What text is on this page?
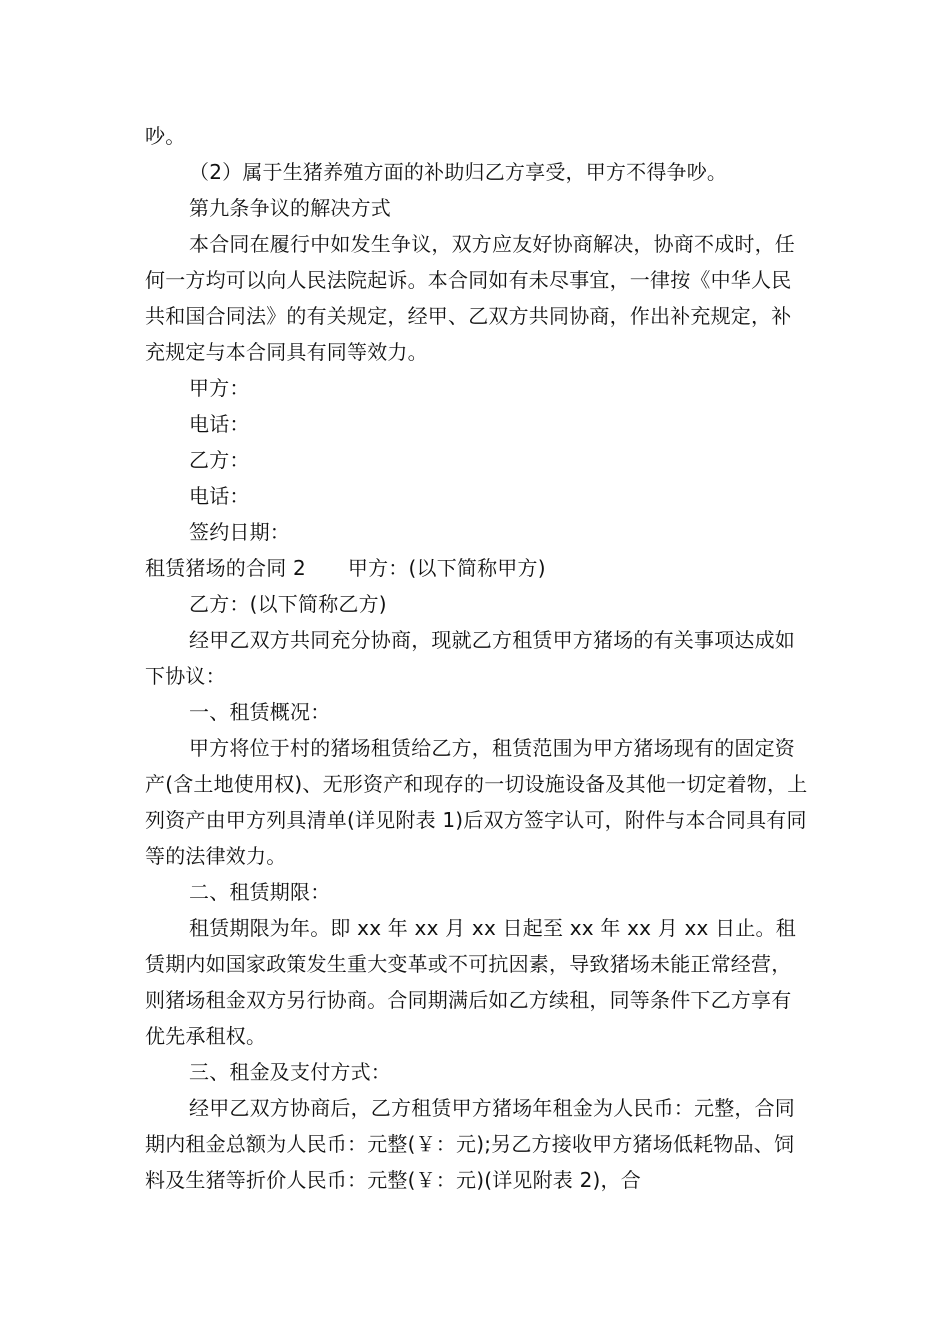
吵。

（2）属于生猪养殖方面的补助归乙方享受，甲方不得争吵。

第九条争议的解决方式

本合同在履行中如发生争议，双方应友好协商解决，协商不成时，任何一方均可以向人民法院起诉。本合同如有未尽事宜，一律按《中华人民共和国合同法》的有关规定，经甲、乙双方共同协商，作出补充规定，补充规定与本合同具有同等效力。

甲方：

电话：

乙方：

电话：

签约日期：

租赁猪场的合同 2 甲方：(以下简称甲方)

乙方：(以下简称乙方)

经甲乙双方共同充分协商，现就乙方租赁甲方猪场的有关事项达成如下协议：

一、租赁概况：

甲方将位于村的猪场租赁给乙方，租赁范围为甲方猪场现有的固定资产(含土地使用权)、无形资产和现存的一切设施设备及其他一切定着物，上列资产由甲方列具清单(详见附表 1)后双方签字认可，附件与本合同具有同等的法律效力。

二、租赁期限：

租赁期限为年。即 xx 年 xx 月 xx 日起至 xx 年 xx 月 xx 日止。租赁期内如国家政策发生重大变革或不可抗因素，导致猪场未能正常经营，则猪场租金双方另行协商。合同期满后如乙方续租，同等条件下乙方享有优先承租权。

三、租金及支付方式：

经甲乙双方协商后，乙方租赁甲方猪场年租金为人民币：元整，合同期内租金总额为人民币：元整(￥：元);另乙方接收甲方猪场低耗物品、饲料及生猪等折价人民币：元整(￥：元)(详见附表 2)，合
